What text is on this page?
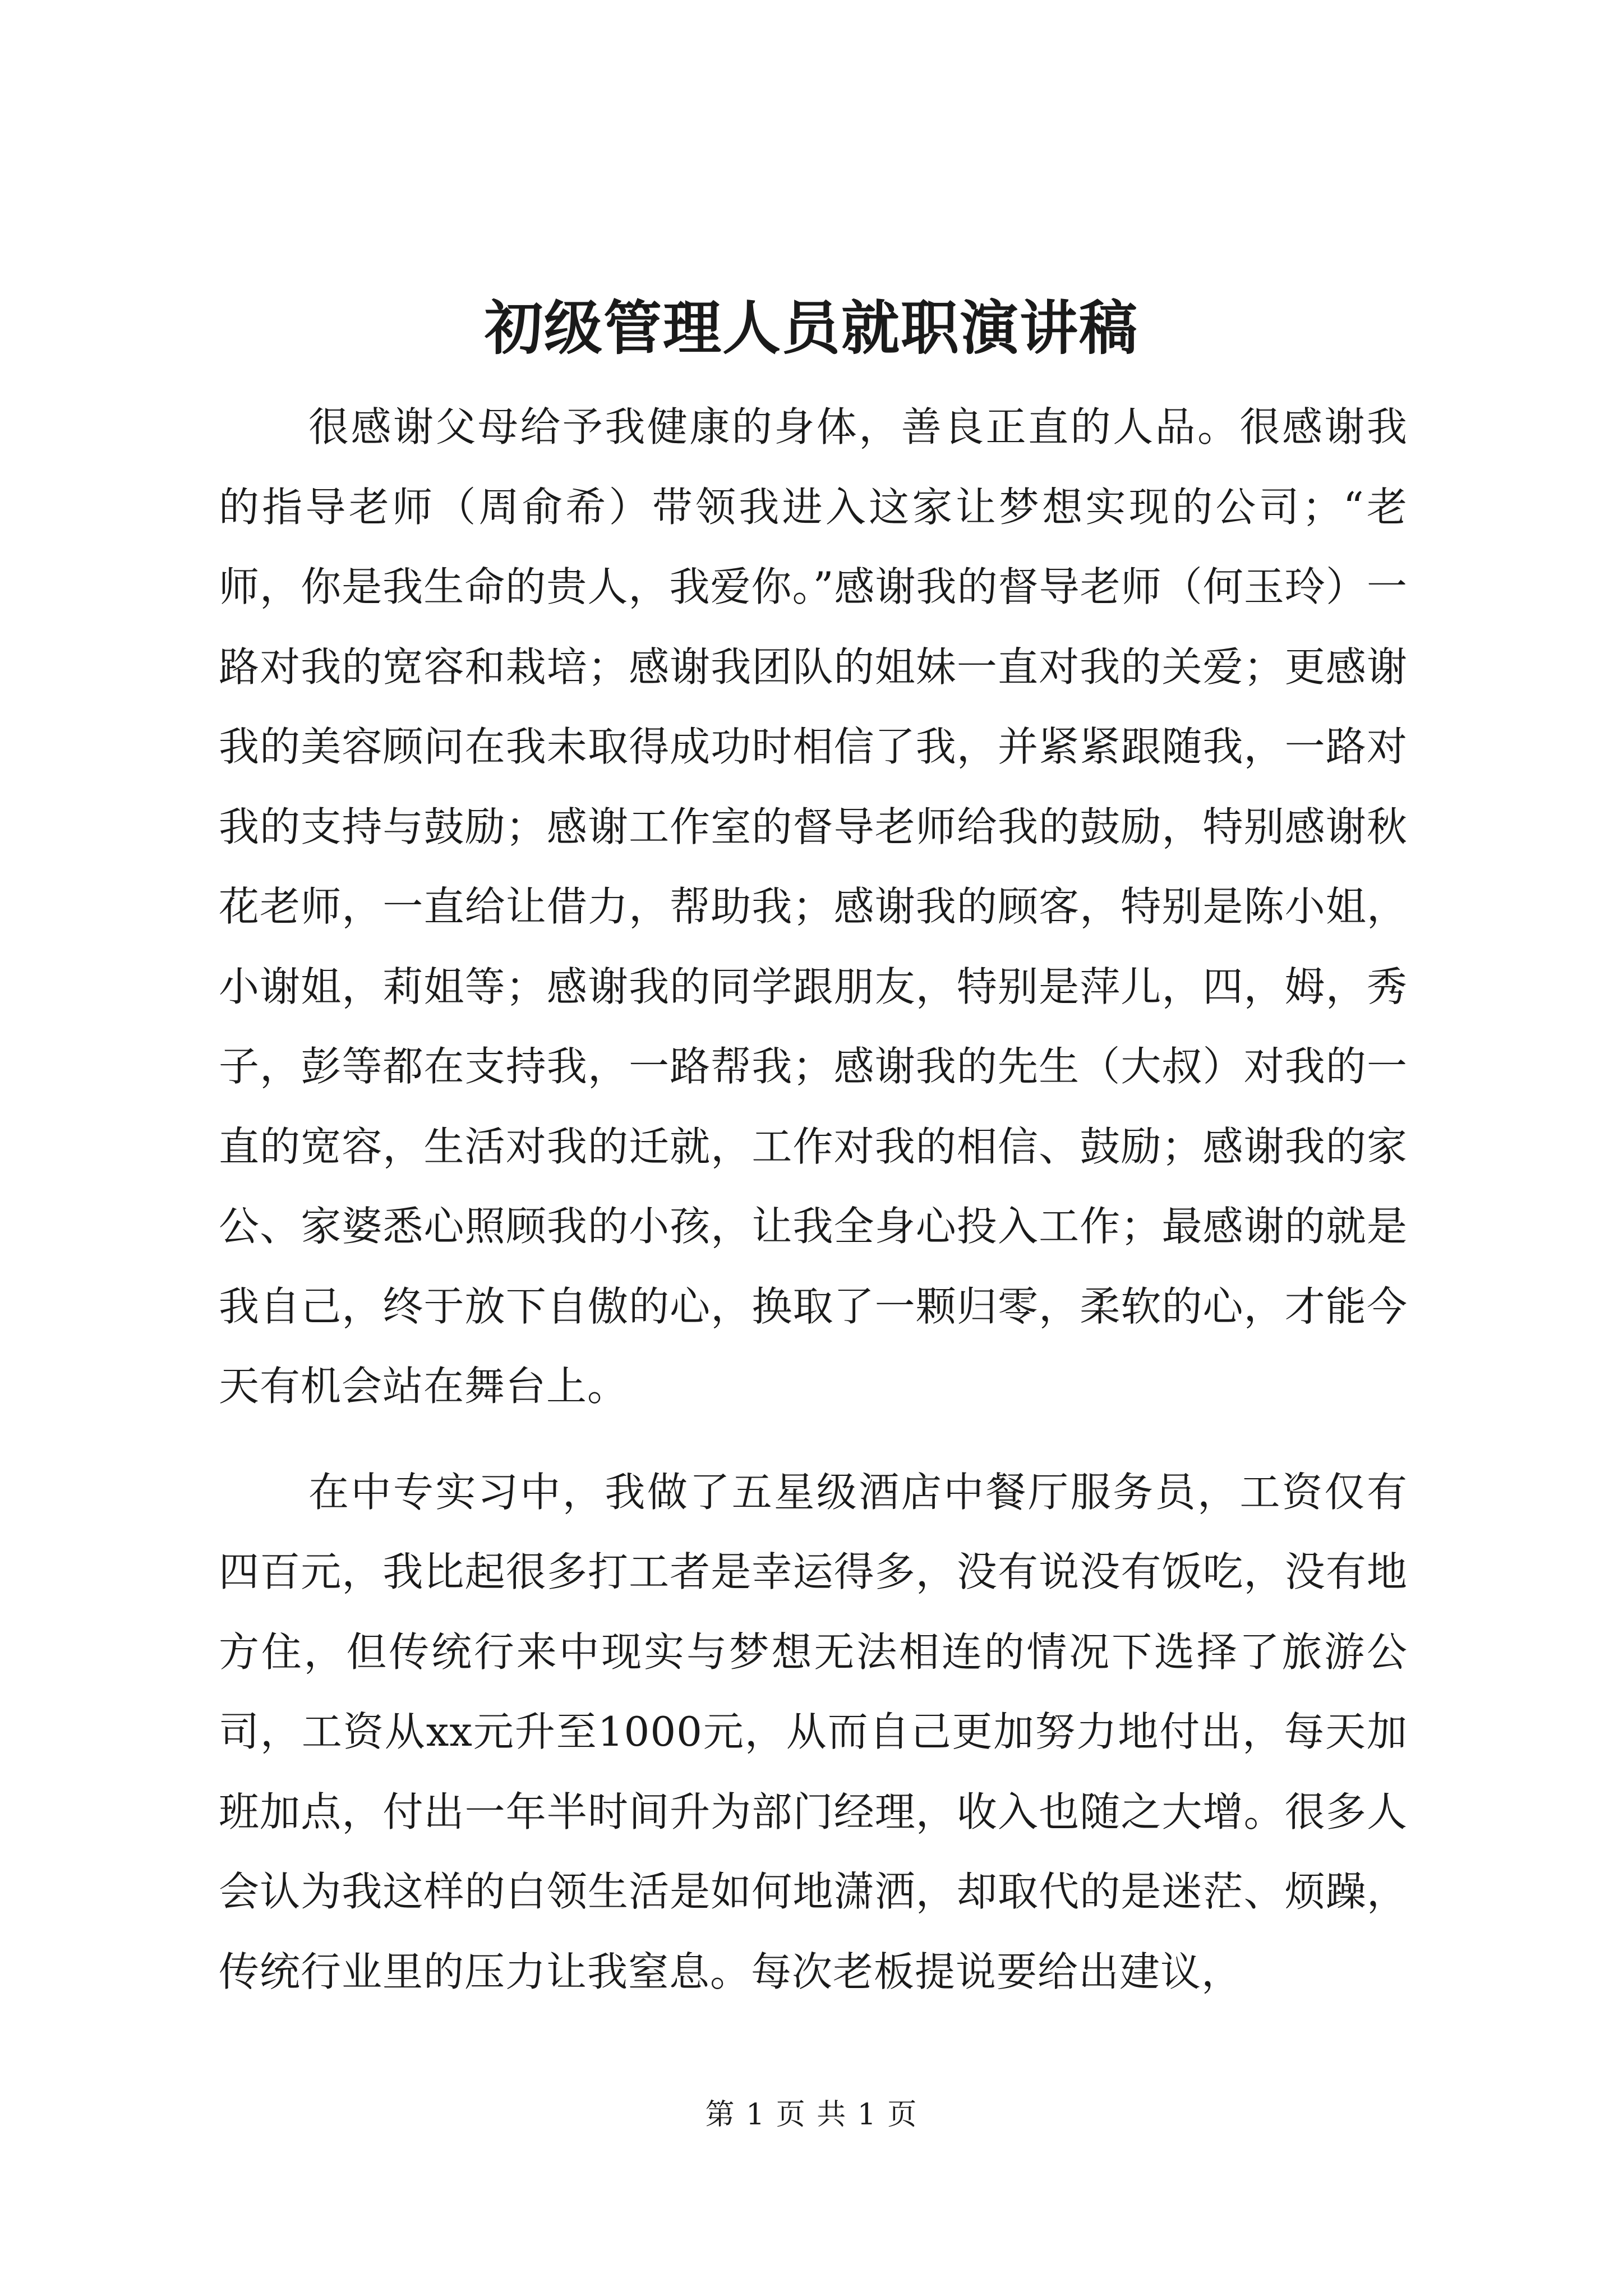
初级管理人员就职演讲稿

很感谢父母给予我健康的身体，善良正直的人品。很感谢我的指导老师（周俞希）带领我进入这家让梦想实现的公司；“老师，你是我生命的贵人，我爱你。”感谢我的督导老师（何玉玲）一路对我的宽容和栽培；感谢我团队的姐妹一直对我的关爱；更感谢我的美容顾问在我未取得成功时相信了我，并紧紧跟随我，一路对我的支持与鼓励；感谢工作室的督导老师给我的鼓励，特别感谢秋花老师，一直给让借力，帮助我；感谢我的顾客，特别是陈小姐，小谢姐，莉姐等；感谢我的同学跟朋友，特别是萍儿，四，姆，秀子，彭等都在支持我，一路帮我；感谢我的先生（大叔）对我的一直的宽容，生活对我的迁就，工作对我的相信、鼓励；感谢我的家公、家婆悉心照顾我的小孩，让我全身心投入工作；最感谢的就是我自己，终于放下自傲的心，换取了一颗归零，柔软的心，才能今天有机会站在舞台上。

在中专实习中，我做了五星级酒店中餐厅服务员，工资仅有四百元，我比起很多打工者是幸运得多，没有说没有饭吃，没有地方住，但传统行来中现实与梦想无法相连的情况下选择了旅游公司，工资从xx元升至1000元，从而自己更加努力地付出，每天加班加点，付出一年半时间升为部门经理，收入也随之大增。很多人会认为我这样的白领生活是如何地潇洒，却取代的是迷茫、烦躁，传统行业里的压力让我窒息。每次老板提说要给出建议，

第 1 页 共 1 页
